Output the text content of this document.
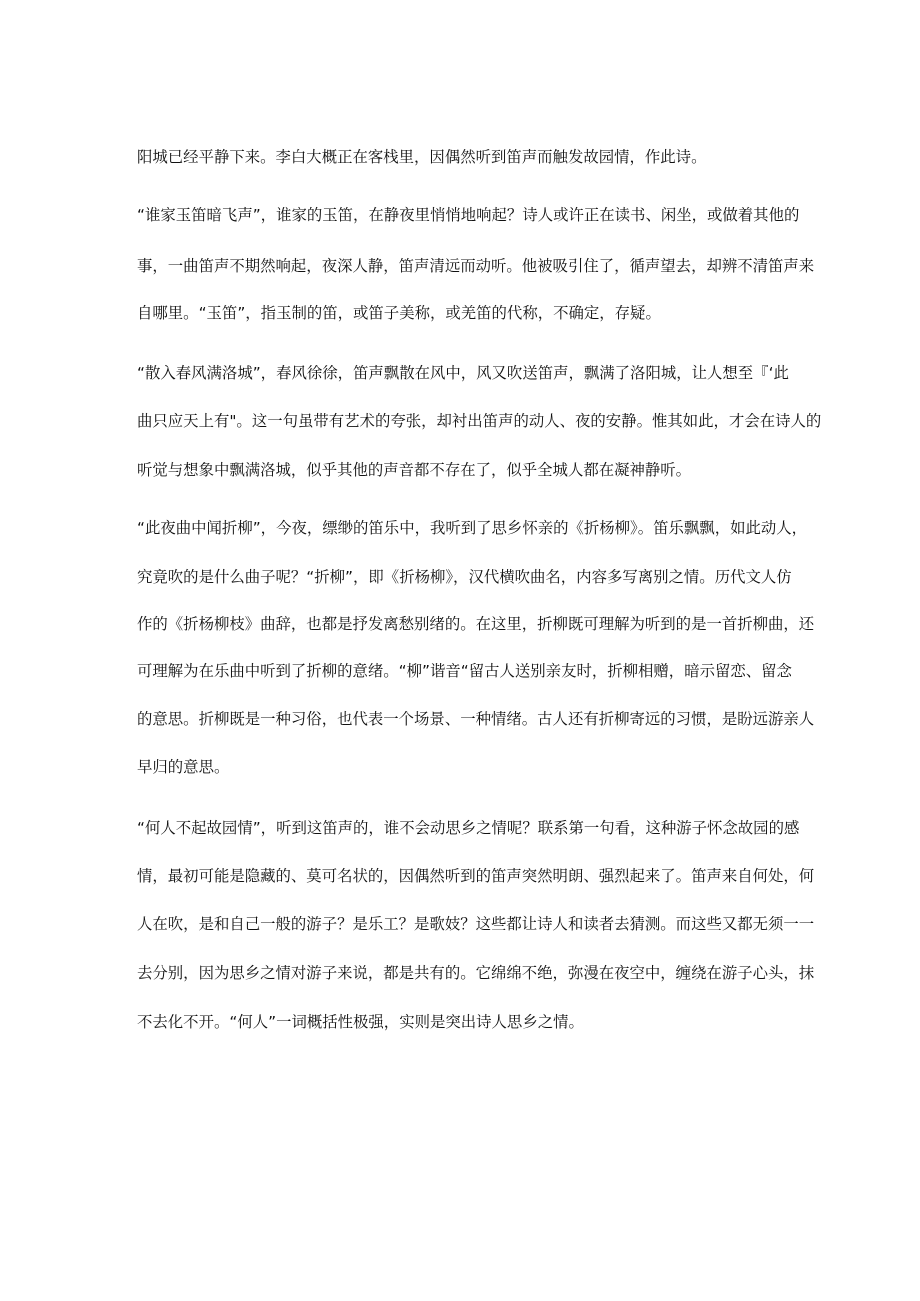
阳城已经平静下来。李白大概正在客栈里，因偶然听到笛声而触发故园情，作此诗。
“谁家玉笛暗飞声”，谁家的玉笛，在静夜里悄悄地响起？诗人或许正在读书、闲坐，或做着其他的
事，一曲笛声不期然响起，夜深人静，笛声清远而动听。他被吸引住了，循声望去，却辨不清笛声来
自哪里。“玉笛”，指玉制的笛，或笛子美称，或羌笛的代称，不确定，存疑。
“散入春风满洛城”，春风徐徐，笛声飘散在风中，风又吹送笛声，飘满了洛阳城，让人想至『‘此
曲只应天上有"。这一句虽带有艺术的夸张，却衬出笛声的动人、夜的安静。惟其如此，才会在诗人的
听觉与想象中飘满洛城，似乎其他的声音都不存在了，似乎全城人都在凝神静听。
“此夜曲中闻折柳”，今夜，缥缈的笛乐中，我听到了思乡怀亲的《折杨柳》。笛乐飘飘，如此动人，
究竟吹的是什么曲子呢？“折柳”，即《折杨柳》，汉代横吹曲名，内容多写离别之情。历代文人仿
作的《折杨柳枝》曲辞，也都是抒发离愁别绪的。在这里，折柳既可理解为听到的是一首折柳曲，还
可理解为在乐曲中听到了折柳的意绪。“柳”谐音“留古人送别亲友时，折柳相赠，暗示留恋、留念
的意思。折柳既是一种习俗，也代表一个场景、一种情绪。古人还有折柳寄远的习惯，是盼远游亲人
早归的意思。
“何人不起故园情”，听到这笛声的，谁不会动思乡之情呢？联系第一句看，这种游子怀念故园的感
情，最初可能是隐藏的、莫可名状的，因偶然听到的笛声突然明朗、强烈起来了。笛声来自何处，何
人在吹，是和自己一般的游子？是乐工？是歌妓？这些都让诗人和读者去猜测。而这些又都无须一一
去分别，因为思乡之情对游子来说，都是共有的。它绵绵不绝，弥漫在夜空中，缠绕在游子心头，抹
不去化不开。“何人”一词概括性极强，实则是突出诗人思乡之情。
